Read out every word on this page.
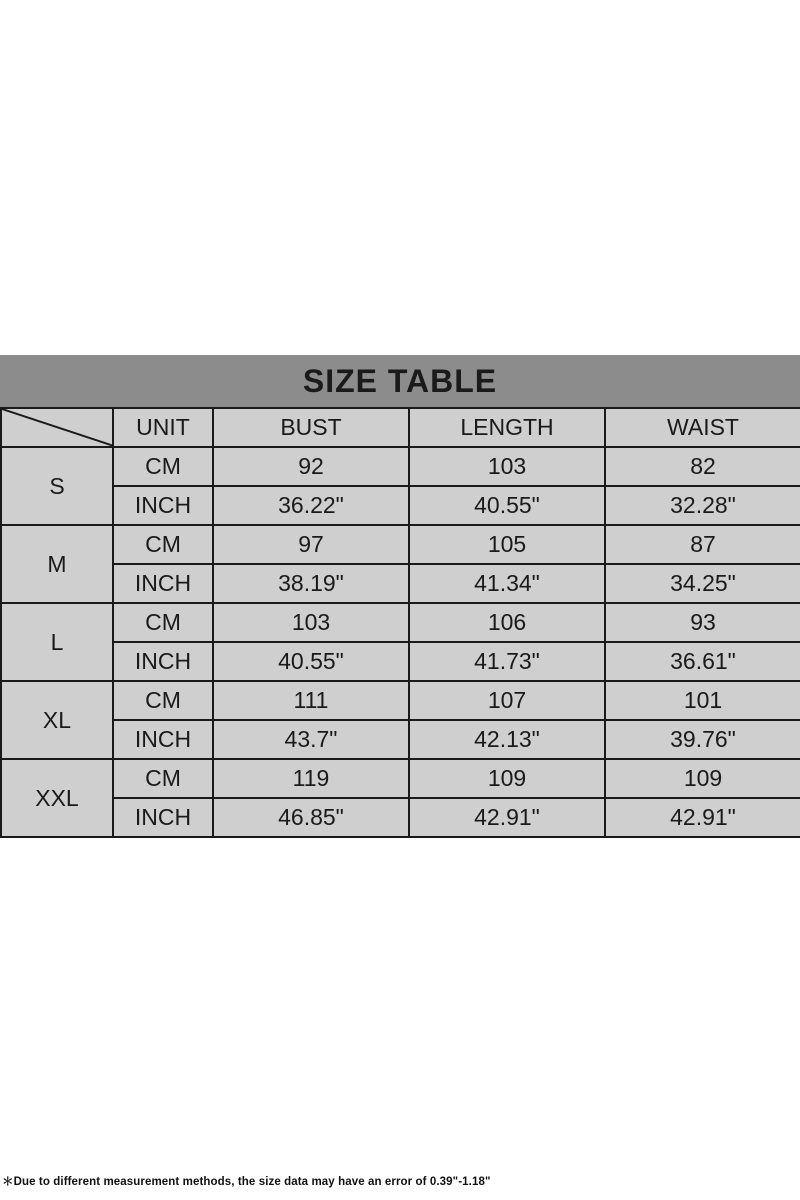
SIZE TABLE
	UNIT	BUST	LENGTH	WAIST
S	CM	92	103	82
	INCH	36.22"	40.55"	32.28"
M	CM	97	105	87
	INCH	38.19"	41.34"	34.25"
L	CM	103	106	93
	INCH	40.55"	41.73"	36.61"
XL	CM	111	107	101
	INCH	43.7"	42.13"	39.76"
XXL	CM	119	109	109
	INCH	46.85"	42.91"	42.91"
＊Due to different measurement methods, the size data may have an error of 0.39"-1.18"
